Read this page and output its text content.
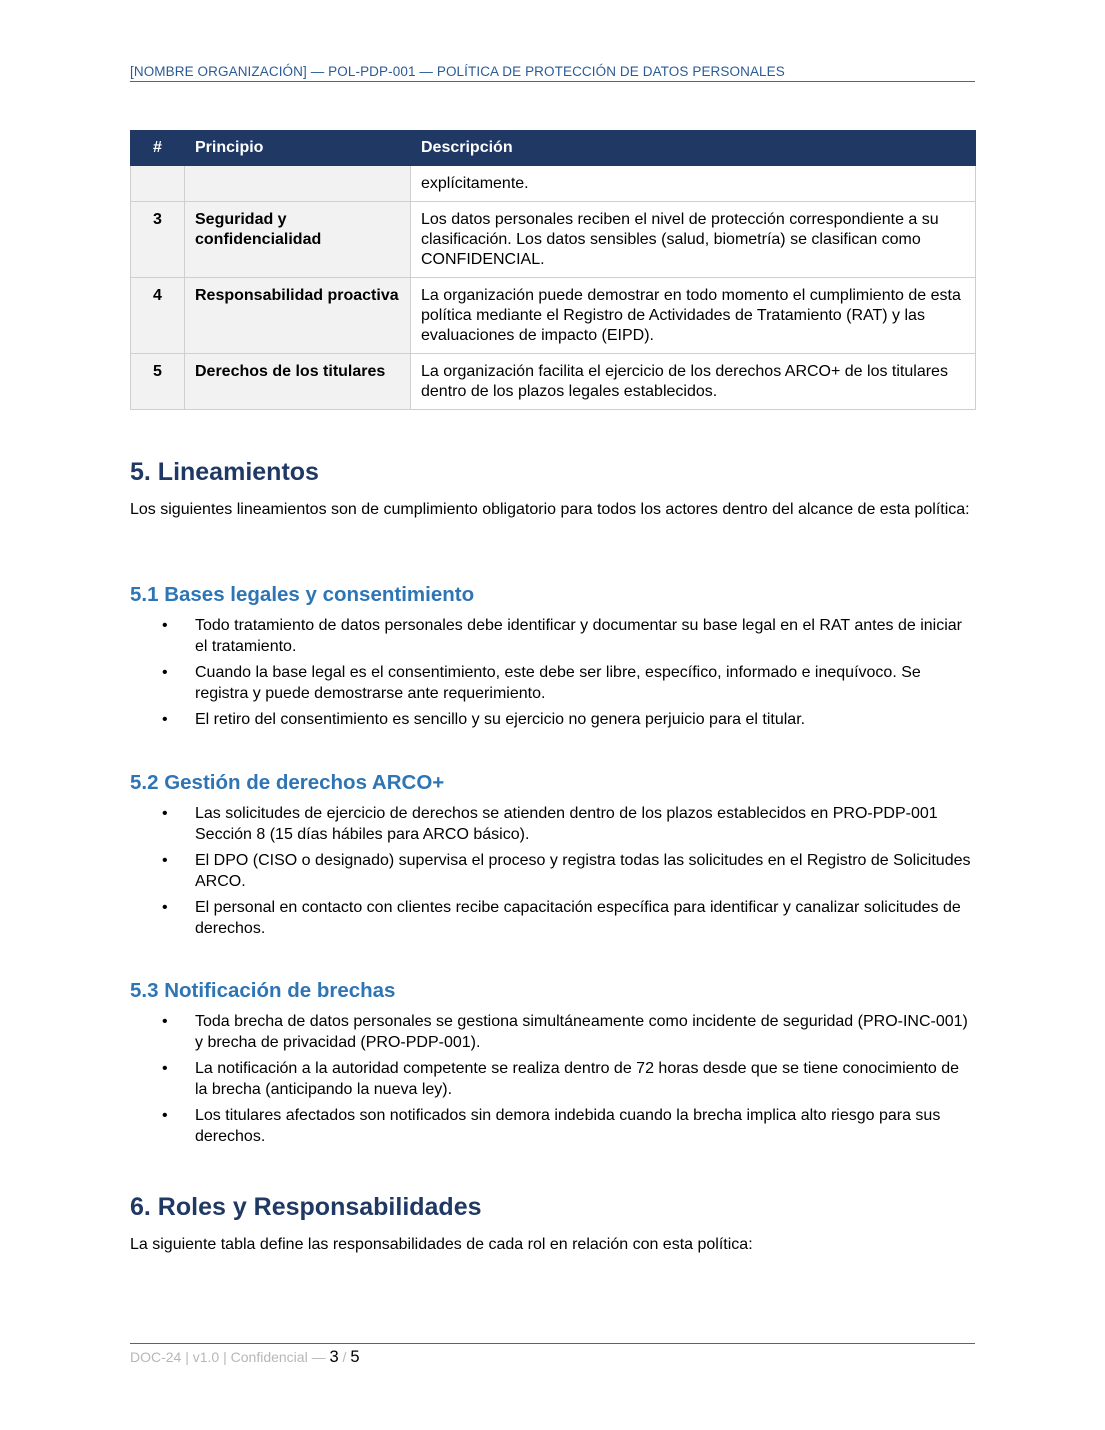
[NOMBRE ORGANIZACIÓN] — POL-PDP-001 — POLÍTICA DE PROTECCIÓN DE DATOS PERSONALES
#	Principio	Descripción
		explícitamente.
3	Seguridad y confidencialidad	Los datos personales reciben el nivel de protección correspondiente a su clasificación. Los datos sensibles (salud, biometría) se clasifican como CONFIDENCIAL.
4	Responsabilidad proactiva	La organización puede demostrar en todo momento el cumplimiento de esta política mediante el Registro de Actividades de Tratamiento (RAT) y las evaluaciones de impacto (EIPD).
5	Derechos de los titulares	La organización facilita el ejercicio de los derechos ARCO+ de los titulares dentro de los plazos legales establecidos.
5. Lineamientos

Los siguientes lineamientos son de cumplimiento obligatorio para todos los actores dentro del alcance de esta política:

5.1 Bases legales y consentimiento
• Todo tratamiento de datos personales debe identificar y documentar su base legal en el RAT antes de iniciar el tratamiento.
• Cuando la base legal es el consentimiento, este debe ser libre, específico, informado e inequívoco. Se registra y puede demostrarse ante requerimiento.
• El retiro del consentimiento es sencillo y su ejercicio no genera perjuicio para el titular.
5.2 Gestión de derechos ARCO+
• Las solicitudes de ejercicio de derechos se atienden dentro de los plazos establecidos en PRO-PDP-001 Sección 8 (15 días hábiles para ARCO básico).
• El DPO (CISO o designado) supervisa el proceso y registra todas las solicitudes en el Registro de Solicitudes ARCO.
• El personal en contacto con clientes recibe capacitación específica para identificar y canalizar solicitudes de derechos.
5.3 Notificación de brechas
• Toda brecha de datos personales se gestiona simultáneamente como incidente de seguridad (PRO-INC-001) y brecha de privacidad (PRO-PDP-001).
• La notificación a la autoridad competente se realiza dentro de 72 horas desde que se tiene conocimiento de la brecha (anticipando la nueva ley).
• Los titulares afectados son notificados sin demora indebida cuando la brecha implica alto riesgo para sus derechos.
6. Roles y Responsabilidades

La siguiente tabla define las responsabilidades de cada rol en relación con esta política:

DOC-24 | v1.0 | Confidencial — 3 / 5
